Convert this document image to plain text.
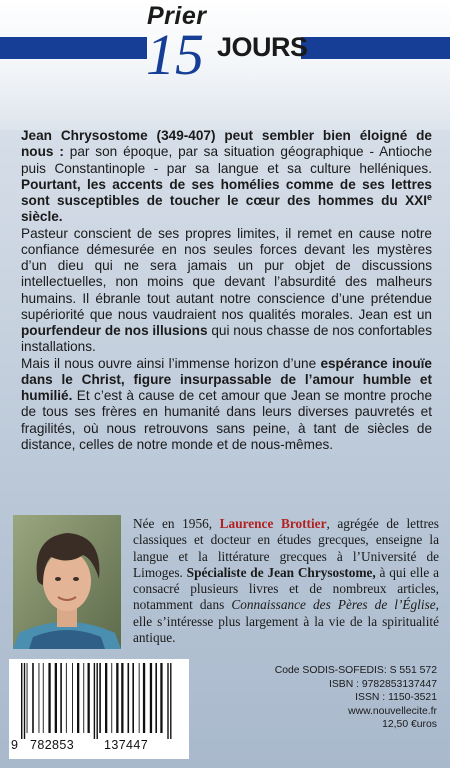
Prier
15 JOURS

Jean Chrysostome (349-407) peut sembler bien éloigné de nous : par son époque, par sa situation géographique - Antioche puis Constantinople - par sa langue et sa culture helléniques. Pourtant, les accents de ses homélies comme de ses lettres sont susceptibles de toucher le cœur des hommes du XXIe siècle.

Pasteur conscient de ses propres limites, il remet en cause notre confiance démesurée en nos seules forces devant les mystères d’un dieu qui ne sera jamais un pur objet de discussions intellectuelles, non moins que devant l’absurdité des malheurs humains. Il ébranle tout autant notre conscience d’une prétendue supériorité que nous vaudraient nos qualités morales. Jean est un pourfendeur de nos illusions qui nous chasse de nos confortables installations.

Mais il nous ouvre ainsi l’immense horizon d’une espérance inouïe dans le Christ, figure insurpassable de l’amour humble et humilié. Et c’est à cause de cet amour que Jean se montre proche de tous ses frères en humanité dans leurs diverses pauvretés et fragilités, où nous retrouvons sans peine, à tant de siècles de distance, celles de notre monde et de nous-mêmes.

Née en 1956, Laurence Brottier, agrégée de lettres classiques et docteur en études grecques, enseigne la langue et la littérature grecques à l’Université de Limoges. Spécialiste de Jean Chrysostome, à qui elle a consacré plusieurs livres et de nombreux articles, notamment dans Connaissance des Pères de l’Église, elle s’intéresse plus largement à la vie de la spiritualité antique.
9 782853 137447
Code SODIS-SOFEDIS: S 551 572
ISBN : 9782853137447
ISSN : 1150-3521
www.nouvellecite.fr
12,50 €uros
